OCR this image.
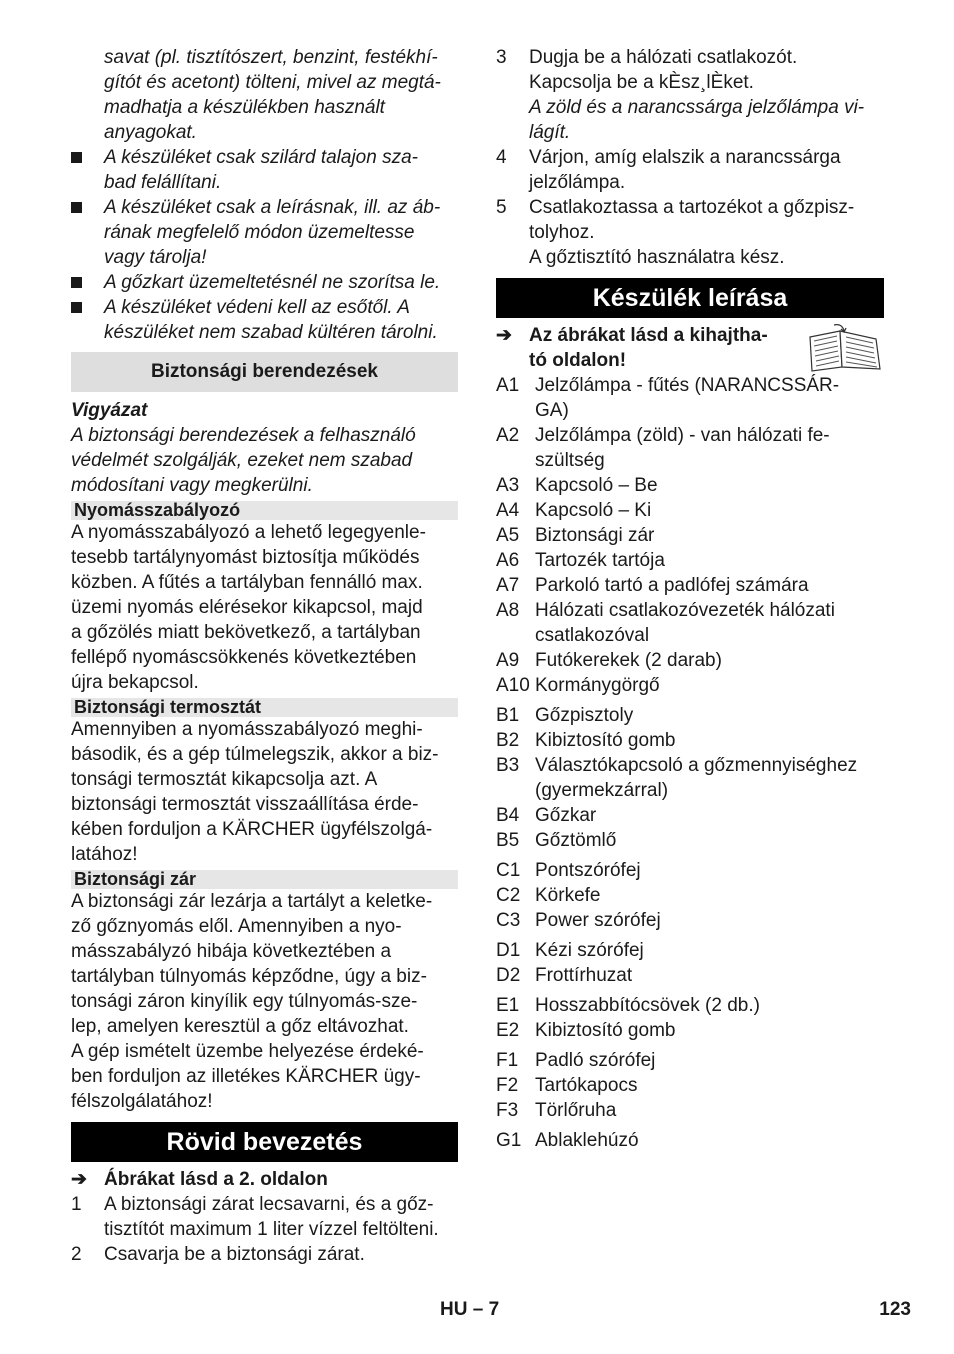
savat (pl. tisztítószert, benzint, festékhí-
gítót és acetont) tölteni, mivel az megtá-
madhatja a készülékben használt
anyagokat.
A készüléket csak szilárd talajon sza-
bad felállítani.
A készüléket csak a leírásnak, ill. az áb-
rának megfelelő módon üzemeltesse
vagy tárolja!
A gőzkart üzemeltetésnél ne szorítsa le.
A készüléket védeni kell az esőtől. A
készüléket nem szabad kültéren tárolni.
Biztonsági berendezések
Vigyázat
A biztonsági berendezések a felhasználó
védelmét szolgálják, ezeket nem szabad
módosítani vagy megkerülni.
Nyomásszabályozó
A nyomásszabályozó a lehető legegyenle-
tesebb tartálynyomást biztosítja működés
közben. A fűtés a tartályban fennálló max.
üzemi nyomás elérésekor kikapcsol, majd
a gőzölés miatt bekövetkező, a tartályban
fellépő nyomáscsökkenés következtében
újra bekapcsol.
Biztonsági termosztát
Amennyiben a nyomásszabályozó meghi-
básodik, és a gép túlmelegszik, akkor a biz-
tonsági termosztát kikapcsolja azt. A
biztonsági termosztát visszaállítása érde-
kében forduljon a KÄRCHER ügyfélszolgá-
latához!
Biztonsági zár
A biztonsági zár lezárja a tartályt a keletke-
ző gőznyomás elől. Amennyiben a nyo-
másszabályzó hibája következtében a
tartályban túlnyomás képződne, úgy a biz-
tonsági záron kinyílik egy túlnyomás-sze-
lep, amelyen keresztül a gőz eltávozhat.
A gép ismételt üzembe helyezése érdeké-
ben forduljon az illetékes KÄRCHER ügy-
félszolgálatához!
Rövid bevezetés
➔ Ábrákat lásd a 2. oldalon
1 A biztonsági zárat lecsavarni, és a gőz-
tisztítót maximum 1 liter vízzel feltölteni.
2 Csavarja be a biztonsági zárat.
3 Dugja be a hálózati csatlakozót.
Kapcsolja be a kÈsz¸lÈket.
A zöld és a narancssárga jelzőlámpa vi-
lágít.
4 Várjon, amíg elalszik a narancssárga
jelzőlámpa.
5 Csatlakoztassa a tartozékot a gőzpisz-
tolyhoz.
A gőztisztító használatra kész.
Készülék leírása
➔ Az ábrákat lásd a kihajtha-
tó oldalon!
A1 Jelzőlámpa - fűtés (NARANCSSÁR-
GA)
A2 Jelzőlámpa (zöld) - van hálózati fe-
szültség
A3 Kapcsoló – Be
A4 Kapcsoló – Ki
A5 Biztonsági zár
A6 Tartozék tartója
A7 Parkoló tartó a padlófej számára
A8 Hálózati csatlakozóvezeték hálózati
csatlakozóval
A9 Futókerekek (2 darab)
A10 Kormánygörgő
B1 Gőzpisztoly
B2 Kibiztosító gomb
B3 Választókapcsoló a gőzmennyiséghez
(gyermekzárral)
B4 Gőzkar
B5 Gőztömlő
C1 Pontszórófej
C2 Körkefe
C3 Power szórófej
D1 Kézi szórófej
D2 Frottírhuzat
E1 Hosszabbítócsövek (2 db.)
E2 Kibiztosító gomb
F1 Padló szórófej
F2 Tartókapocs
F3 Törlőruha
G1 Ablaklehúzó
HU – 7	123
